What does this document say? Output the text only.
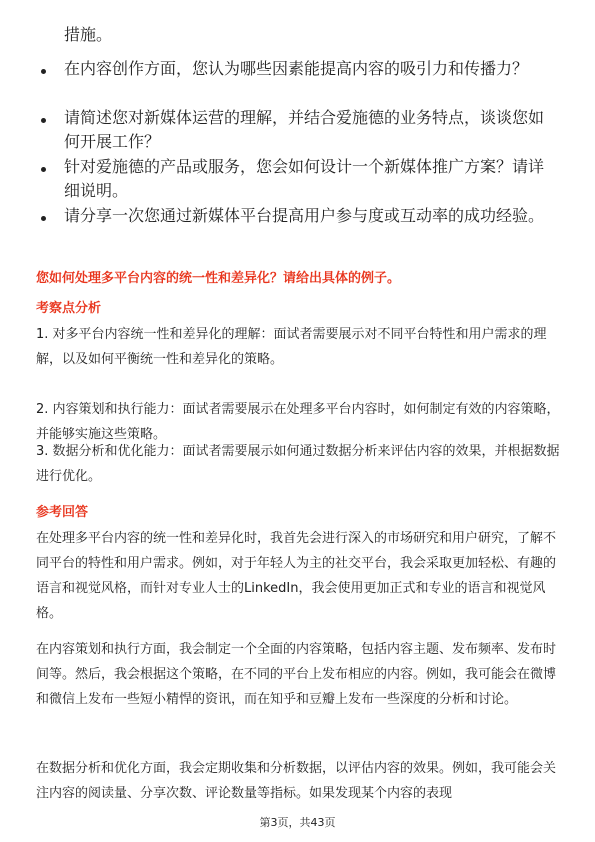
措施。
在内容创作方面，您认为哪些因素能提高内容的吸引力和传播力？
请简述您对新媒体运营的理解，并结合爱施德的业务特点，谈谈您如何开展工作？
针对爱施德的产品或服务，您会如何设计一个新媒体推广方案？请详细说明。
请分享一次您通过新媒体平台提高用户参与度或互动率的成功经验。
您如何处理多平台内容的统一性和差异化？请给出具体的例子。
考察点分析
1. 对多平台内容统一性和差异化的理解：面试者需要展示对不同平台特性和用户需求的理解，以及如何平衡统一性和差异化的策略。
2. 内容策划和执行能力：面试者需要展示在处理多平台内容时，如何制定有效的内容策略，并能够实施这些策略。
3. 数据分析和优化能力：面试者需要展示如何通过数据分析来评估内容的效果，并根据数据进行优化。
参考回答
在处理多平台内容的统一性和差异化时，我首先会进行深入的市场研究和用户研究，了解不同平台的特性和用户需求。例如，对于年轻人为主的社交平台，我会采取更加轻松、有趣的语言和视觉风格，而针对专业人士的LinkedIn，我会使用更加正式和专业的语言和视觉风格。
在内容策划和执行方面，我会制定一个全面的内容策略，包括内容主题、发布频率、发布时间等。然后，我会根据这个策略，在不同的平台上发布相应的内容。例如，我可能会在微博和微信上发布一些短小精悍的资讯，而在知乎和豆瓣上发布一些深度的分析和讨论。
在数据分析和优化方面，我会定期收集和分析数据，以评估内容的效果。例如，我可能会关注内容的阅读量、分享次数、评论数量等指标。如果发现某个内容的表现
第3页，共43页
